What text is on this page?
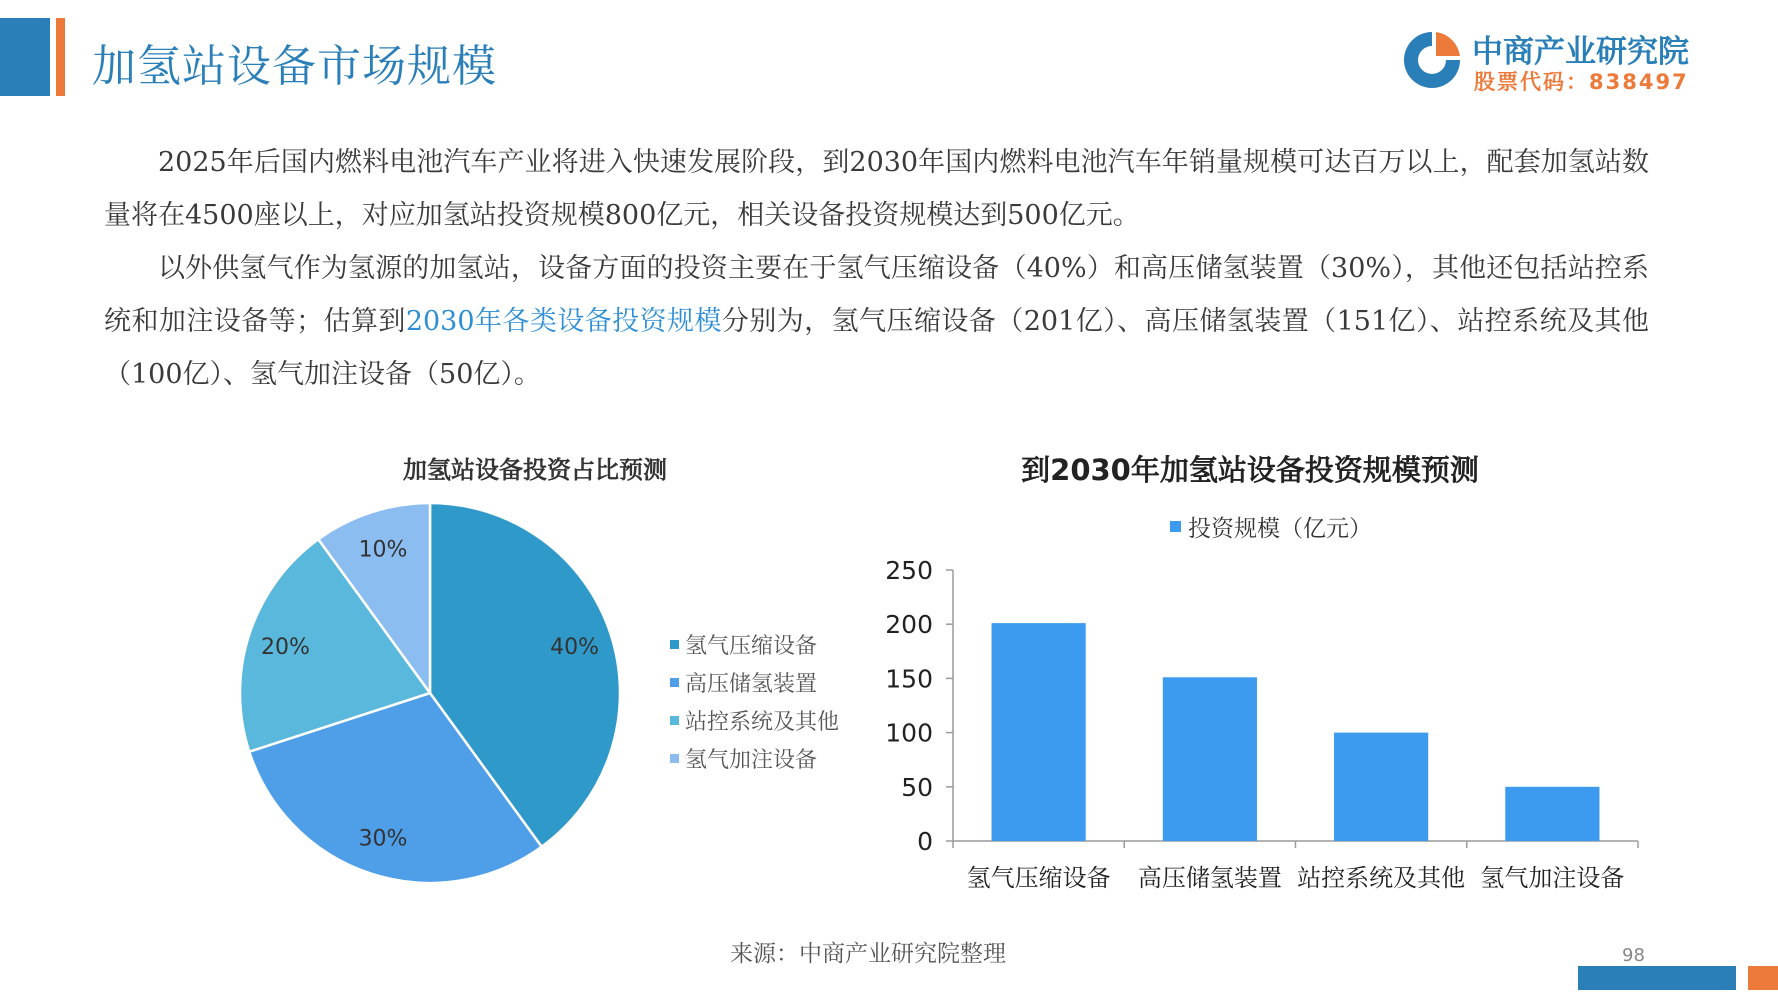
加氢站设备市场规模	中商产业研究院
股票代码：838497

2025年后国内燃料电池汽车产业将进入快速发展阶段，到2030年国内燃料电池汽车年销量规模可达百万以上，配套加氢站数量将在4500座以上，对应加氢站投资规模800亿元，相关设备投资规模达到500亿元。

以外供氢气作为氢源的加氢站，设备方面的投资主要在于氢气压缩设备（40%）和高压储氢装置（30%），其他还包括站控系统和加注设备等；估算到2030年各类设备投资规模分别为，氢气压缩设备（201亿）、高压储氢装置（151亿）、站控系统及其他（100亿）、氢气加注设备（50亿）。

加氢站设备投资占比预测
40%
30%
20%
10%
氢气压缩设备
高压储氢装置
站控系统及其他
氢气加注设备
到2030年加氢站设备投资规模预测
投资规模（亿元）
0
50
100
150
200
250
氢气压缩设备 高压储氢装置 站控系统及其他 氢气加注设备
来源：中商产业研究院整理	98
